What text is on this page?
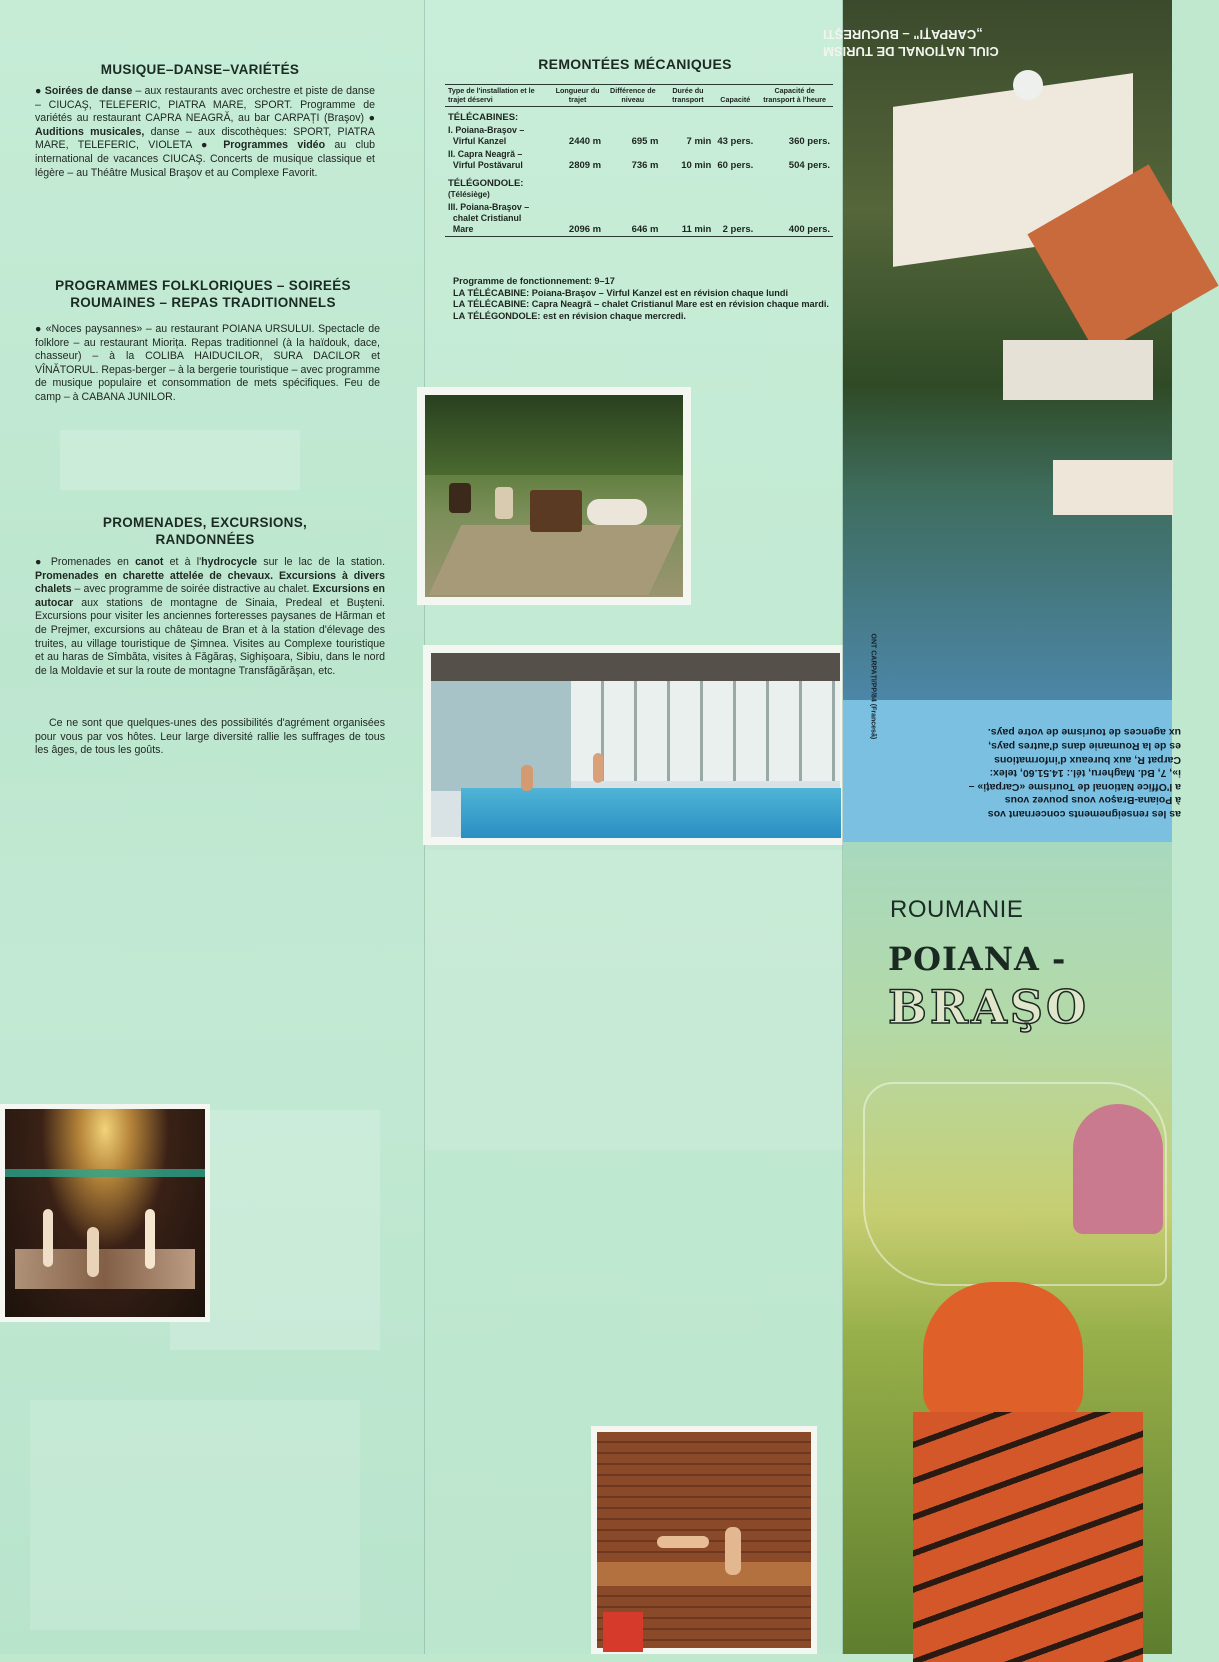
MUSIQUE–DANSE–VARIÉTÉS

● Soirées de danse – aux restaurants avec orchestre et piste de danse – CIUCAŞ, TELEFERIC, PIATRA MARE, SPORT. Programme de variétés au restaurant CAPRA NEAGRĂ, au bar CARPAȚI (Braşov) ● Auditions musicales, danse – aux discothèques: SPORT, PIATRA MARE, TELEFERIC, VIOLETA ● Programmes vidéo au club international de vacances CIUCAŞ. Concerts de musique classique et légère – au Théâtre Musical Braşov et au Complexe Favorit.

PROGRAMMES FOLKLORIQUES – SOIREÉS
ROUMAINES – REPAS TRADITIONNELS

● «Noces paysannes» – au restaurant POIANA URSULUI. Spectacle de folklore – au restaurant Miorița. Repas traditionnel (à la haïdouk, dace, chasseur) – à la COLIBA HAIDUCILOR, SURA DACILOR et VÎNĂTORUL. Repas-berger – à la bergerie touristique – avec programme de musique populaire et consommation de mets spécifiques. Feu de camp – à CABANA JUNILOR.

PROMENADES, EXCURSIONS,
RANDONNÉES

● Promenades en canot et à l'hydrocycle sur le lac de la station. Promenades en charette attelée de chevaux. Excursions à divers chalets – avec programme de soirée distractive au chalet. Excursions en autocar aux stations de montagne de Sinaia, Predeal et Buşteni. Excursions pour visiter les anciennes forteresses paysanes de Hărman et de Prejmer, excursions au château de Bran et à la station d'élevage des truites, au village touristique de Şimnea. Visites au Complexe touristique et au haras de Sîmbăta, visites à Făgăraş, Sighişoara, Sibiu, dans le nord de la Moldavie et sur la route de montagne Transfăgărăşan, etc.

Ce ne sont que quelques-unes des possibilités d'agrément organisées pour vous par vos hôtes. Leur large diversité rallie les suffrages de tous les âges, de tous les goûts.

REMONTÉES MÉCANIQUES
Type de l'installation et le trajet déservi	Longueur du trajet	Différence de niveau	Durée du transport	Capacité	Capacité de transport à l'heure
TÉLÉCABINES:					
I. Poiana-Braşov –
Vîrful Kanzel	2440 m	695 m	7 min	43 pers.	360 pers.
II. Capra Neagră –
Vîrful Postăvarul	2809 m	736 m	10 min	60 pers.	504 pers.
TÉLÉGONDOLE:
(Télésiège)					
III. Poiana-Braşov –
chalet Cristianul
Mare	2096 m	646 m	11 min	2 pers.	400 pers.
Programme de fonctionnement: 9–17
LA TÉLÉCABINE: Poiana-Braşov – Vîrful Kanzel est en révision chaque lundi
LA TÉLÉCABINE: Capra Neagră – chalet Cristianul Mare est en révision chaque mardi.
LA TÉLÉGONDOLE: est en révision chaque mercredi.
CIUL NAȚIONAL DE TURISM
„CARPAȚI" – BUCUREŞTI
as les renseignements concernant vos
à Poiana-Braşov vous pouvez vous
a l'Office National de Tourisme «Carpați» –
i», 7, Bd. Magheru, tél.: 14.51.60, telex:
Carpat R, aux bureaux d'informations
es de la Roumanie dans d'autres pays,
ux agences de tourisme de votre pays.
ONT CARPAȚI/PP/84 (Francesă)
ROUMANIE
POIANA -
BRAŞO
